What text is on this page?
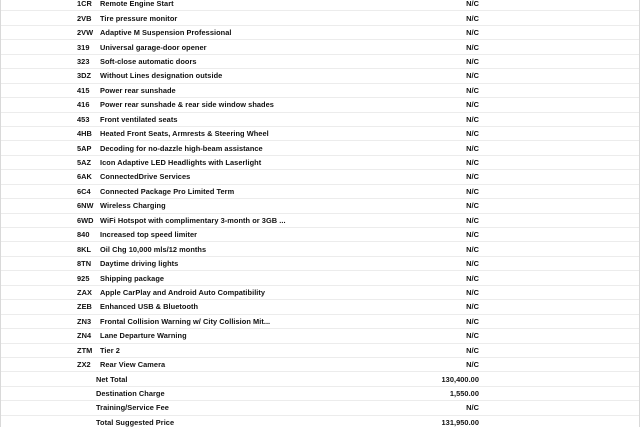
1CR	Remote Engine Start	N/C
2VB	Tire pressure monitor	N/C
2VW Adaptive M Suspension Professional	N/C
319	Universal garage-door opener	N/C
323	Soft-close automatic doors	N/C
3DZ	Without Lines designation outside	N/C
415	Power rear sunshade	N/C
416	Power rear sunshade & rear side window shades	N/C
453	Front ventilated seats	N/C
4HB	Heated Front Seats, Armrests & Steering Wheel	N/C
5AP	Decoding for no-dazzle high-beam assistance	N/C
5AZ	Icon Adaptive LED Headlights with Laserlight	N/C
6AK	ConnectedDrive Services	N/C
6C4	Connected Package Pro Limited Term	N/C
6NW Wireless Charging	N/C
6WD WiFi Hotspot with complimentary 3-month or 3GB ...	N/C
840	Increased top speed limiter	N/C
8KL	Oil Chg 10,000 mls/12 months	N/C
8TN	Daytime driving lights	N/C
925	Shipping package	N/C
ZAX	Apple CarPlay and Android Auto Compatibility	N/C
ZEB	Enhanced USB & Bluetooth	N/C
ZN3	Frontal Collision Warning w/ City Collision Mit...	N/C
ZN4	Lane Departure Warning	N/C
ZTM	Tier 2	N/C
ZX2	Rear View Camera	N/C
Net Total	130,400.00
Destination Charge	1,550.00
Training/Service Fee	N/C
Total Suggested Price	131,950.00
